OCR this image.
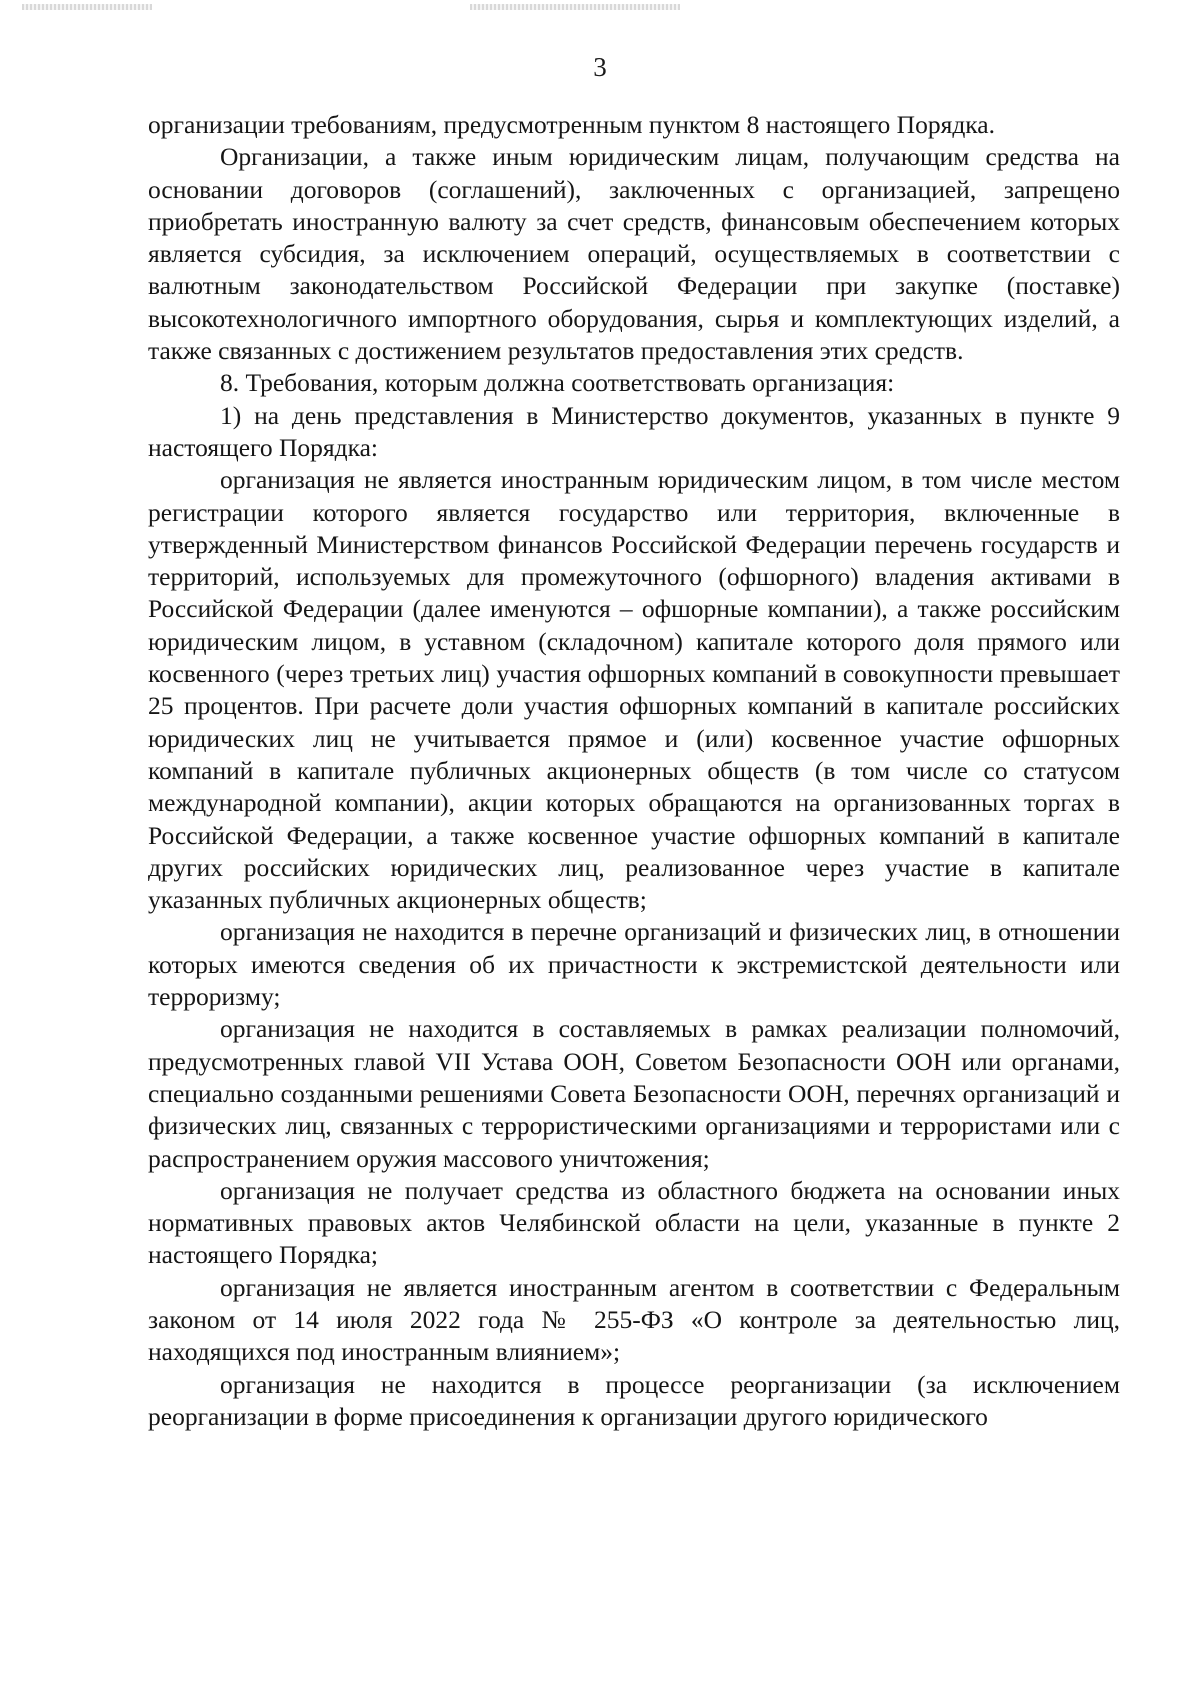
3

организации требованиям, предусмотренным пунктом 8 настоящего Порядка.

Организации, а также иным юридическим лицам, получающим средства на основании договоров (соглашений), заключенных с организацией, запрещено приобретать иностранную валюту за счет средств, финансовым обеспечением которых является субсидия, за исключением операций, осуществляемых в соответствии с валютным законодательством Российской Федерации при закупке (поставке) высокотехнологичного импортного оборудования, сырья и комплектующих изделий, а также связанных с достижением результатов предоставления этих средств.

8. Требования, которым должна соответствовать организация:

1) на день представления в Министерство документов, указанных в пункте 9 настоящего Порядка:

организация не является иностранным юридическим лицом, в том числе местом регистрации которого является государство или территория, включенные в утвержденный Министерством финансов Российской Федерации перечень государств и территорий, используемых для промежуточного (офшорного) владения активами в Российской Федерации (далее именуются – офшорные компании), а также российским юридическим лицом, в уставном (складочном) капитале которого доля прямого или косвенного (через третьих лиц) участия офшорных компаний в совокупности превышает 25 процентов. При расчете доли участия офшорных компаний в капитале российских юридических лиц не учитывается прямое и (или) косвенное участие офшорных компаний в капитале публичных акционерных обществ (в том числе со статусом международной компании), акции которых обращаются на организованных торгах в Российской Федерации, а также косвенное участие офшорных компаний в капитале других российских юридических лиц, реализованное через участие в капитале указанных публичных акционерных обществ;

организация не находится в перечне организаций и физических лиц, в отношении которых имеются сведения об их причастности к экстремистской деятельности или терроризму;

организация не находится в составляемых в рамках реализации полномочий, предусмотренных главой VII Устава ООН, Советом Безопасности ООН или органами, специально созданными решениями Совета Безопасности ООН, перечнях организаций и физических лиц, связанных с террористическими организациями и террористами или с распространением оружия массового уничтожения;

организация не получает средства из областного бюджета на основании иных нормативных правовых актов Челябинской области на цели, указанные в пункте 2 настоящего Порядка;

организация не является иностранным агентом в соответствии с Федеральным законом от 14 июля 2022 года № 255-ФЗ «О контроле за деятельностью лиц, находящихся под иностранным влиянием»;

организация не находится в процессе реорганизации (за исключением реорганизации в форме присоединения к организации другого юридического
